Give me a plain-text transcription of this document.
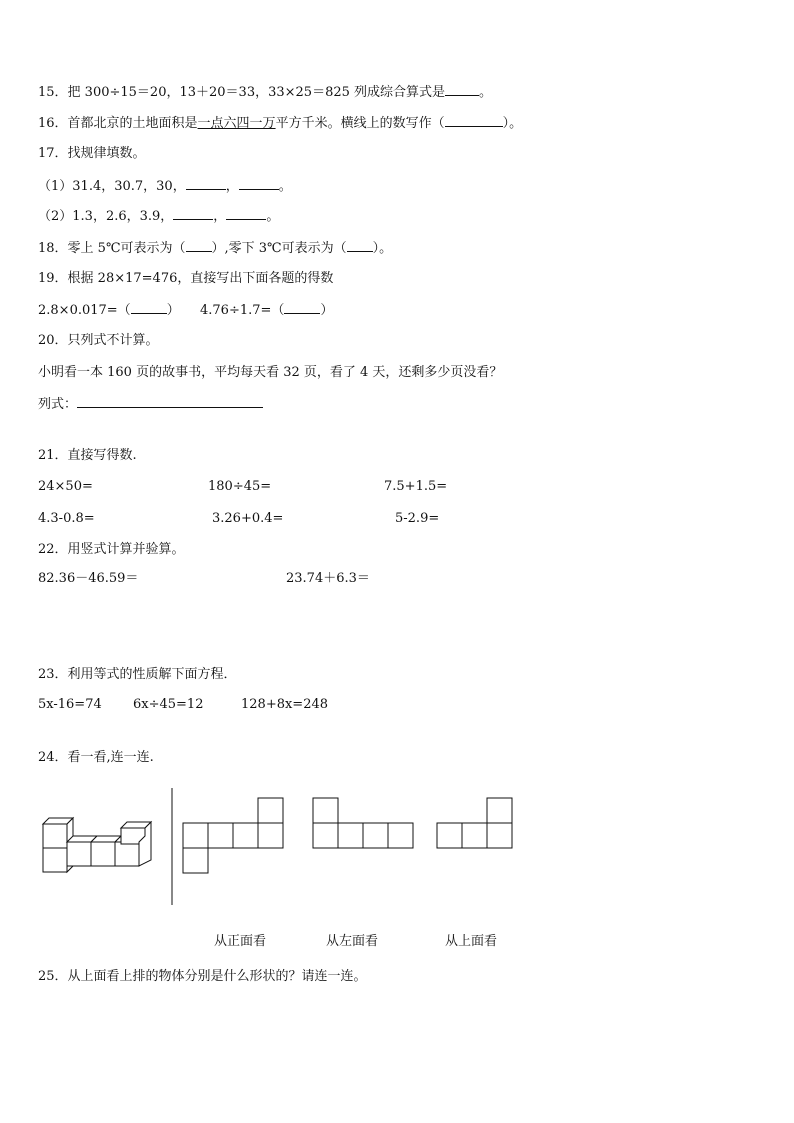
15．把 300÷15＝20，13＋20＝33，33×25＝825 列成综合算式是	。
16．首都北京的土地面积是一点六四一万平方千米。横线上的数写作（	）。
17．找规律填数。
（1）31.4，30.7，30，	，	。
（2）1.3，2.6，3.9，	，	。
18．零上 5℃可表示为（ ）,零下 3℃可表示为（ ）。
19．根据 28×17=476，直接写出下面各题的得数
2.8×0.017=（	） 4.76÷1.7=（	）
20．只列式不计算。
小明看一本 160 页的故事书，平均每天看 32 页，看了 4 天，还剩多少页没看？
列式：
21．直接写得数.
24×50=	180÷45=	7.5+1.5=
4.3-0.8=	3.26+0.4=	5-2.9=
22．用竖式计算并验算。
82.36－46.59＝	23.74＋6.3＝
23．利用等式的性质解下面方程．
5x-16=74 6x÷45=12	128+8x=248
24．看一看,连一连.
从正面看	从左面看	从上面看
25．从上面看上排的物体分别是什么形状的？请连一连。
